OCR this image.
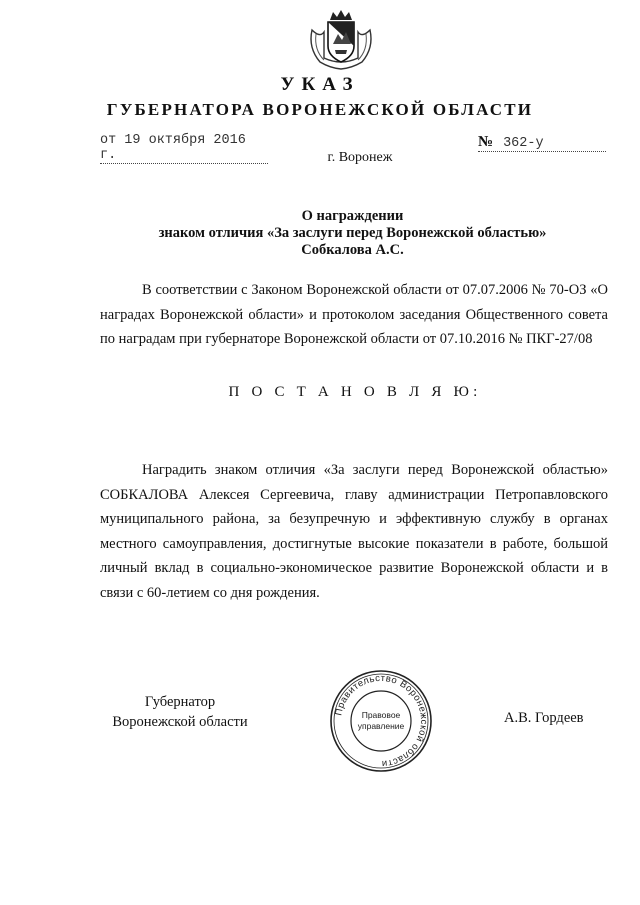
УКАЗ
ГУБЕРНАТОРА ВОРОНЕЖСКОЙ ОБЛАСТИ
от 19 октября 2016 г.
№ 362-у
г. Воронеж
О награждении
знаком отличия «За заслуги перед Воронежской областью»
Собкалова А.С.

В соответствии с Законом Воронежской области от 07.07.2006 № 70-ОЗ «О наградах Воронежской области» и протоколом заседания Общественного совета по наградам при губернаторе Воронежской области от 07.10.2016 № ПКГ-27/08

П О С Т А Н О В Л Я Ю:

Наградить знаком отличия «За заслуги перед Воронежской областью» СОБКАЛОВА Алексея Сергеевича, главу администрации Петропавловского муниципального района, за безупречную и эффективную службу в органах местного самоуправления, достигнутые высокие показатели в работе, большой личный вклад в социально-экономическое развитие Воронежской области и в связи с 60-летием со дня рождения.

Губернатор
Воронежской области
Правительство Воронежской области
Правовое
управление	А.В. Гордеев
